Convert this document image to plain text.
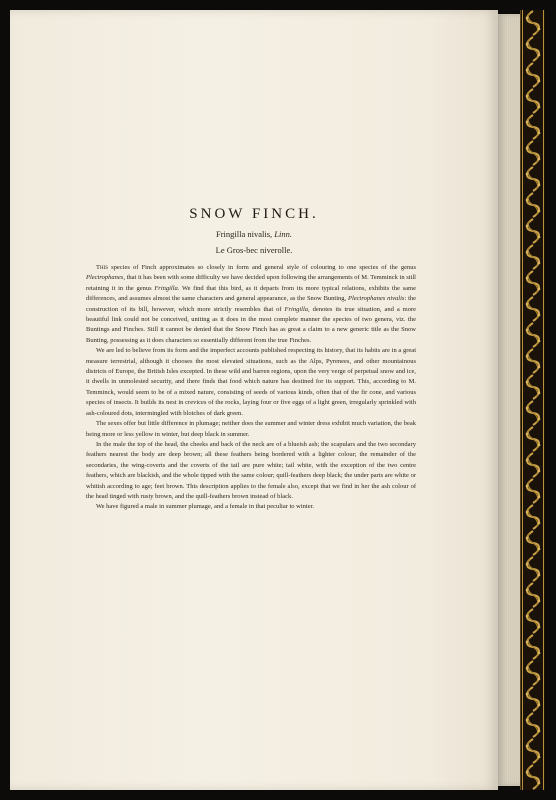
SNOW FINCH.
Fringilla nivalis, Linn.
Le Gros-bec niverolle.

This species of Finch approximates so closely in form and general style of colouring to one species of the genus Plectrophanes, that it has been with some difficulty we have decided upon following the arrangements of M. Temminck in still retaining it in the genus Fringilla. We find that this bird, as it departs from its more typical relations, exhibits the same differences, and assumes almost the same characters and general appearance, as the Snow Bunting, Plectrophanes nivalis: the construction of its bill, however, which more strictly resembles that of Fringilla, denotes its true situation, and a more beautiful link could not be conceived, uniting as it does in the most complete manner the species of two genera, viz. the Buntings and Finches. Still it cannot be denied that the Snow Finch has as great a claim to a new generic title as the Snow Bunting, possessing as it does characters so essentially different from the true Finches.

We are led to believe from its form and the imperfect accounts published respecting its history, that its habits are in a great measure terrestrial, although it chooses the most elevated situations, such as the Alps, Pyrenees, and other mountainous districts of Europe, the British Isles excepted. In these wild and barren regions, upon the very verge of perpetual snow and ice, it dwells in unmolested security, and there finds that food which nature has destined for its support. This, according to M. Temminck, would seem to be of a mixed nature, consisting of seeds of various kinds, often that of the fir cone, and various species of insects. It builds its nest in crevices of the rocks, laying four or five eggs of a light green, irregularly sprinkled with ash-coloured dots, intermingled with blotches of dark green.

The sexes offer but little difference in plumage; neither does the summer and winter dress exhibit much variation, the beak being more or less yellow in winter, but deep black in summer.

In the male the top of the head, the cheeks and back of the neck are of a blueish ash; the scapulars and the two secondary feathers nearest the body are deep brown; all these feathers being bordered with a lighter colour; the remainder of the secondaries, the wing-coverts and the coverts of the tail are pure white; tail white, with the exception of the two centre feathers, which are blackish, and the whole tipped with the same colour; quill-feathers deep black; the under parts are white or whitish according to age; feet brown. This description applies to the female also, except that we find in her the ash colour of the head tinged with rusty brown, and the quill-feathers brown instead of black.

We have figured a male in summer plumage, and a female in that peculiar to winter.
